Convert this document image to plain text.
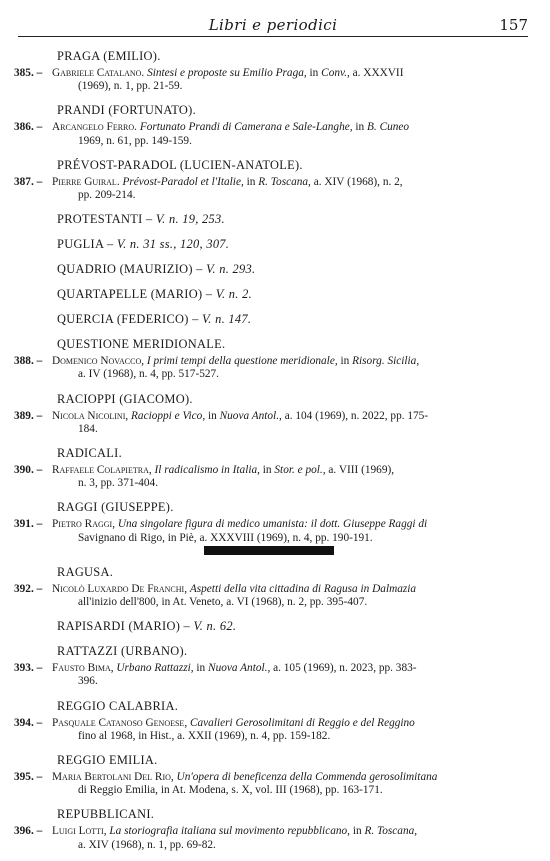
Libri e periodici	157
PRAGA (EMILIO).
385. – Gabriele Catalano. Sintesi e proposte su Emilio Praga, in Conv., a. XXXVII
(1969), n. 1, pp. 21-59.
PRANDI (FORTUNATO).
386. – Arcangelo Ferro. Fortunato Prandi di Camerana e Sale-Langhe, in B. Cuneo
1969, n. 61, pp. 149-159.
PRÉVOST-PARADOL (LUCIEN-ANATOLE).
387. – Pierre Guiral. Prévost-Paradol et l'Italie, in R. Toscana, a. XIV (1968), n. 2,
pp. 209-214.
PROTESTANTI – V. n. 19, 253.
PUGLIA – V. n. 31 ss., 120, 307.
QUADRIO (MAURIZIO) – V. n. 293.
QUARTAPELLE (MARIO) – V. n. 2.
QUERCIA (FEDERICO) – V. n. 147.
QUESTIONE MERIDIONALE.
388. – Domenico Novacco, I primi tempi della questione meridionale, in Risorg. Sicilia,
a. IV (1968), n. 4, pp. 517-527.
RACIOPPI (GIACOMO).
389. – Nicola Nicolini, Racioppi e Vico, in Nuova Antol., a. 104 (1969), n. 2022, pp. 175-
184.
RADICALI.
390. – Raffaele Colapietra, Il radicalismo in Italia, in Stor. e pol., a. VIII (1969),
n. 3, pp. 371-404.
RAGGI (GIUSEPPE).
391. – Pietro Raggi, Una singolare figura di medico umanista: il dott. Giuseppe Raggi di
Savignano di Rigo, in Piè, a. XXXVIII (1969), n. 4, pp. 190-191.
RAGUSA.
392. – Nicolò Luxardo De Franchi, Aspetti della vita cittadina di Ragusa in Dalmazia
all'inizio dell'800, in At. Veneto, a. VI (1968), n. 2, pp. 395-407.
RAPISARDI (MARIO) – V. n. 62.
RATTAZZI (URBANO).
393. – Fausto Bima, Urbano Rattazzi, in Nuova Antol., a. 105 (1969), n. 2023, pp. 383-
396.
REGGIO CALABRIA.
394. – Pasquale Catanoso Genoese, Cavalieri Gerosolimitani di Reggio e del Reggino
fino al 1968, in Hist., a. XXII (1969), n. 4, pp. 159-182.
REGGIO EMILIA.
395. – Maria Bertolani Del Rio, Un'opera di beneficenza della Commenda gerosolimitana
di Reggio Emilia, in At. Modena, s. X, vol. III (1968), pp. 163-171.
REPUBBLICANI.
396. – Luigi Lotti, La storiografia italiana sul movimento repubblicano, in R. Toscana,
a. XIV (1968), n. 1, pp. 69-82.
